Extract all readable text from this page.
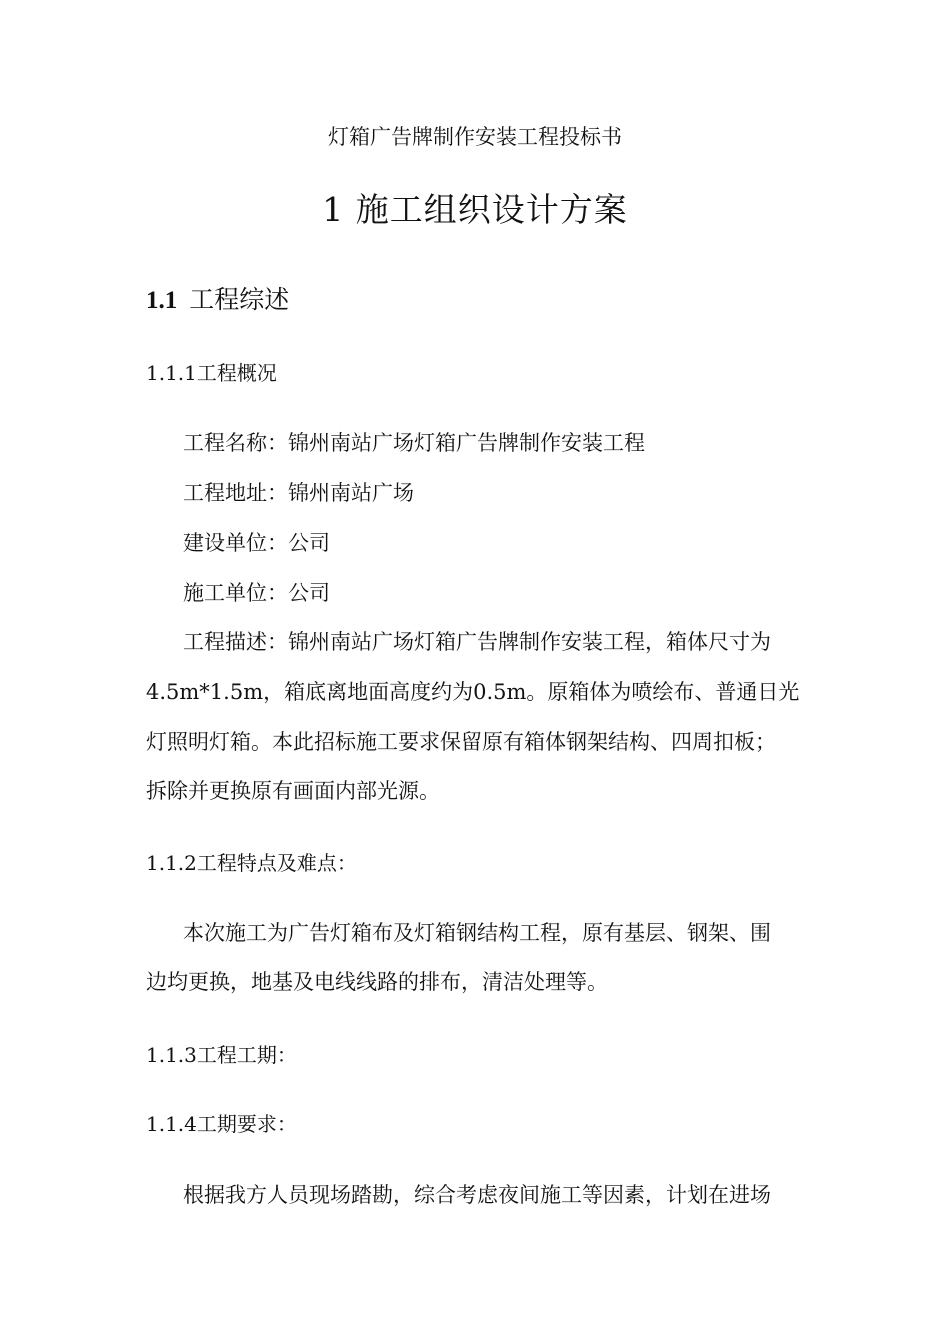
灯箱广告牌制作安装工程投标书
1 施工组织设计方案
1.1 工程综述
1.1.1工程概况
工程名称：锦州南站广场灯箱广告牌制作安装工程
工程地址：锦州南站广场
建设单位：公司
施工单位：公司
工程描述：锦州南站广场灯箱广告牌制作安装工程，箱体尺寸为
4.5m*1.5m，箱底离地面高度约为0.5m。原箱体为喷绘布、普通日光
灯照明灯箱。本此招标施工要求保留原有箱体钢架结构、四周扣板；
拆除并更换原有画面内部光源。
1.1.2工程特点及难点：
本次施工为广告灯箱布及灯箱钢结构工程，原有基层、钢架、围
边均更换，地基及电线线路的排布，清洁处理等。
1.1.3工程工期：
1.1.4工期要求：
根据我方人员现场踏勘，综合考虑夜间施工等因素，计划在进场
